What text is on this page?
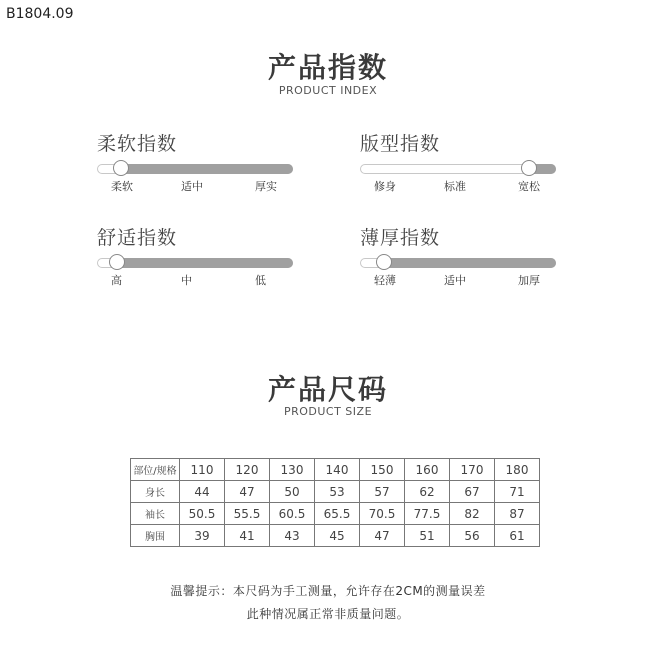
B1804.09
产品指数
PRODUCT INDEX
柔软指数
柔软	适中	厚实
版型指数
修身	标准	宽松
舒适指数
高	中	低
薄厚指数
轻薄	适中	加厚
产品尺码
PRODUCT SIZE
部位/规格	110	120	130	140	150	160	170	180
身长	44	47	50	53	57	62	67	71
袖长	50.5	55.5	60.5	65.5	70.5	77.5	82	87
胸围	39	41	43	45	47	51	56	61
温馨提示：本尺码为手工测量，允许存在2CM的测量误差
此种情况属正常非质量问题。
